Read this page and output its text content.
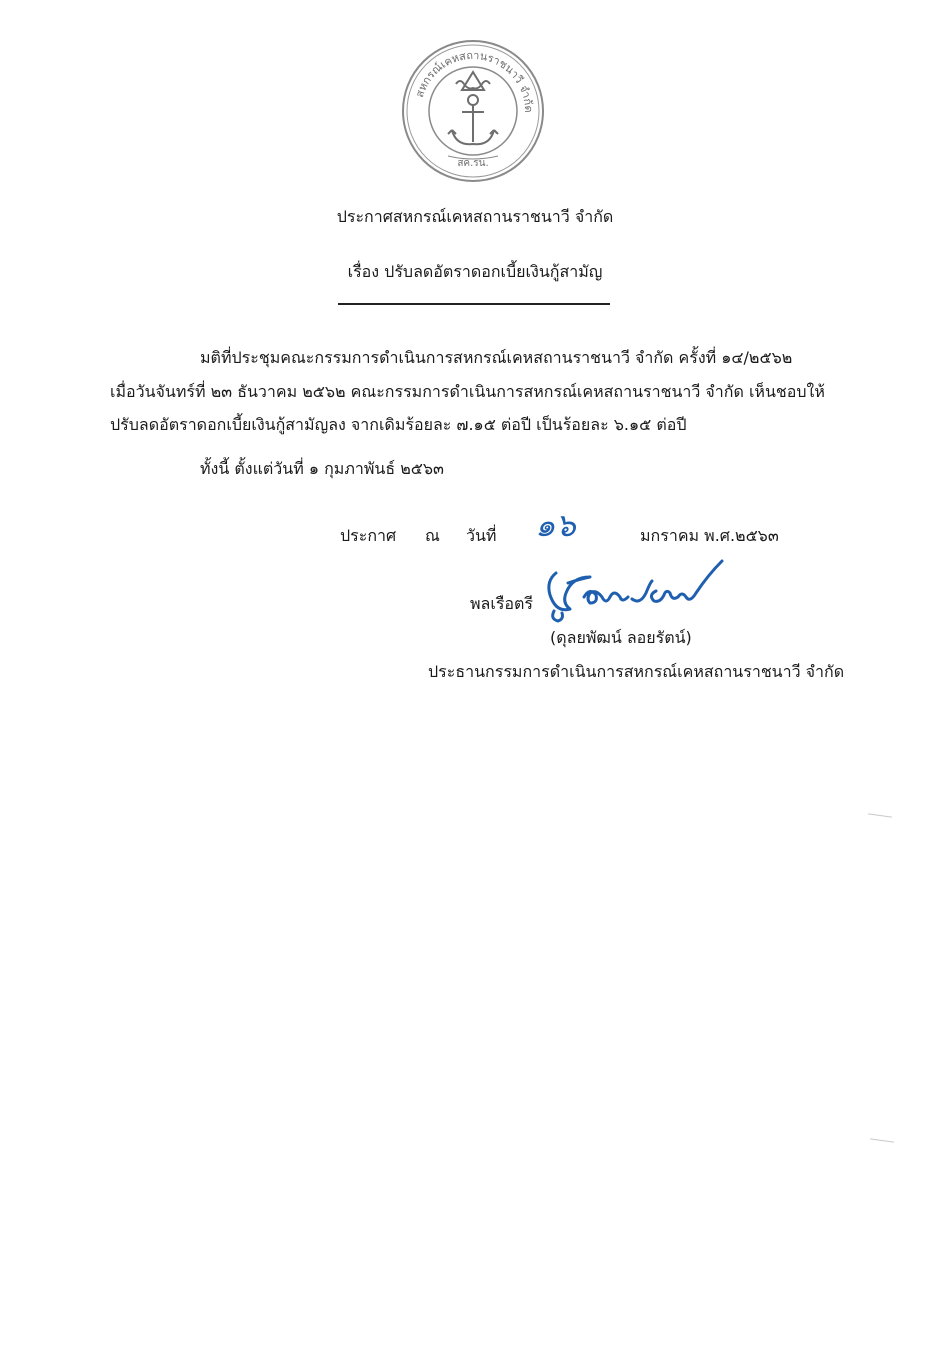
สหกรณ์เคหสถานราชนาวี จำกัด
สค.รน.
ประกาศสหกรณ์เคหสถานราชนาวี จำกัด
เรื่อง ปรับลดอัตราดอกเบี้ยเงินกู้สามัญ
มติที่ประชุมคณะกรรมการดำเนินการสหกรณ์เคหสถานราชนาวี จำกัด ครั้งที่ ๑๔/๒๕๖๒
เมื่อวันจันทร์ที่ ๒๓ ธันวาคม ๒๕๖๒ คณะกรรมการดำเนินการสหกรณ์เคหสถานราชนาวี จำกัด เห็นชอบให้
ปรับลดอัตราดอกเบี้ยเงินกู้สามัญลง จากเดิมร้อยละ ๗.๑๕ ต่อปี เป็นร้อยละ ๖.๑๕ ต่อปี
ทั้งนี้ ตั้งแต่วันที่ ๑ กุมภาพันธ์ ๒๕๖๓
ประกาศ ณ วันที่ ๑๖	มกราคม พ.ศ.๒๕๖๓
พลเรือตรี
(ดุลยพัฒน์ ลอยรัตน์)
ประธานกรรมการดำเนินการสหกรณ์เคหสถานราชนาวี จำกัด
